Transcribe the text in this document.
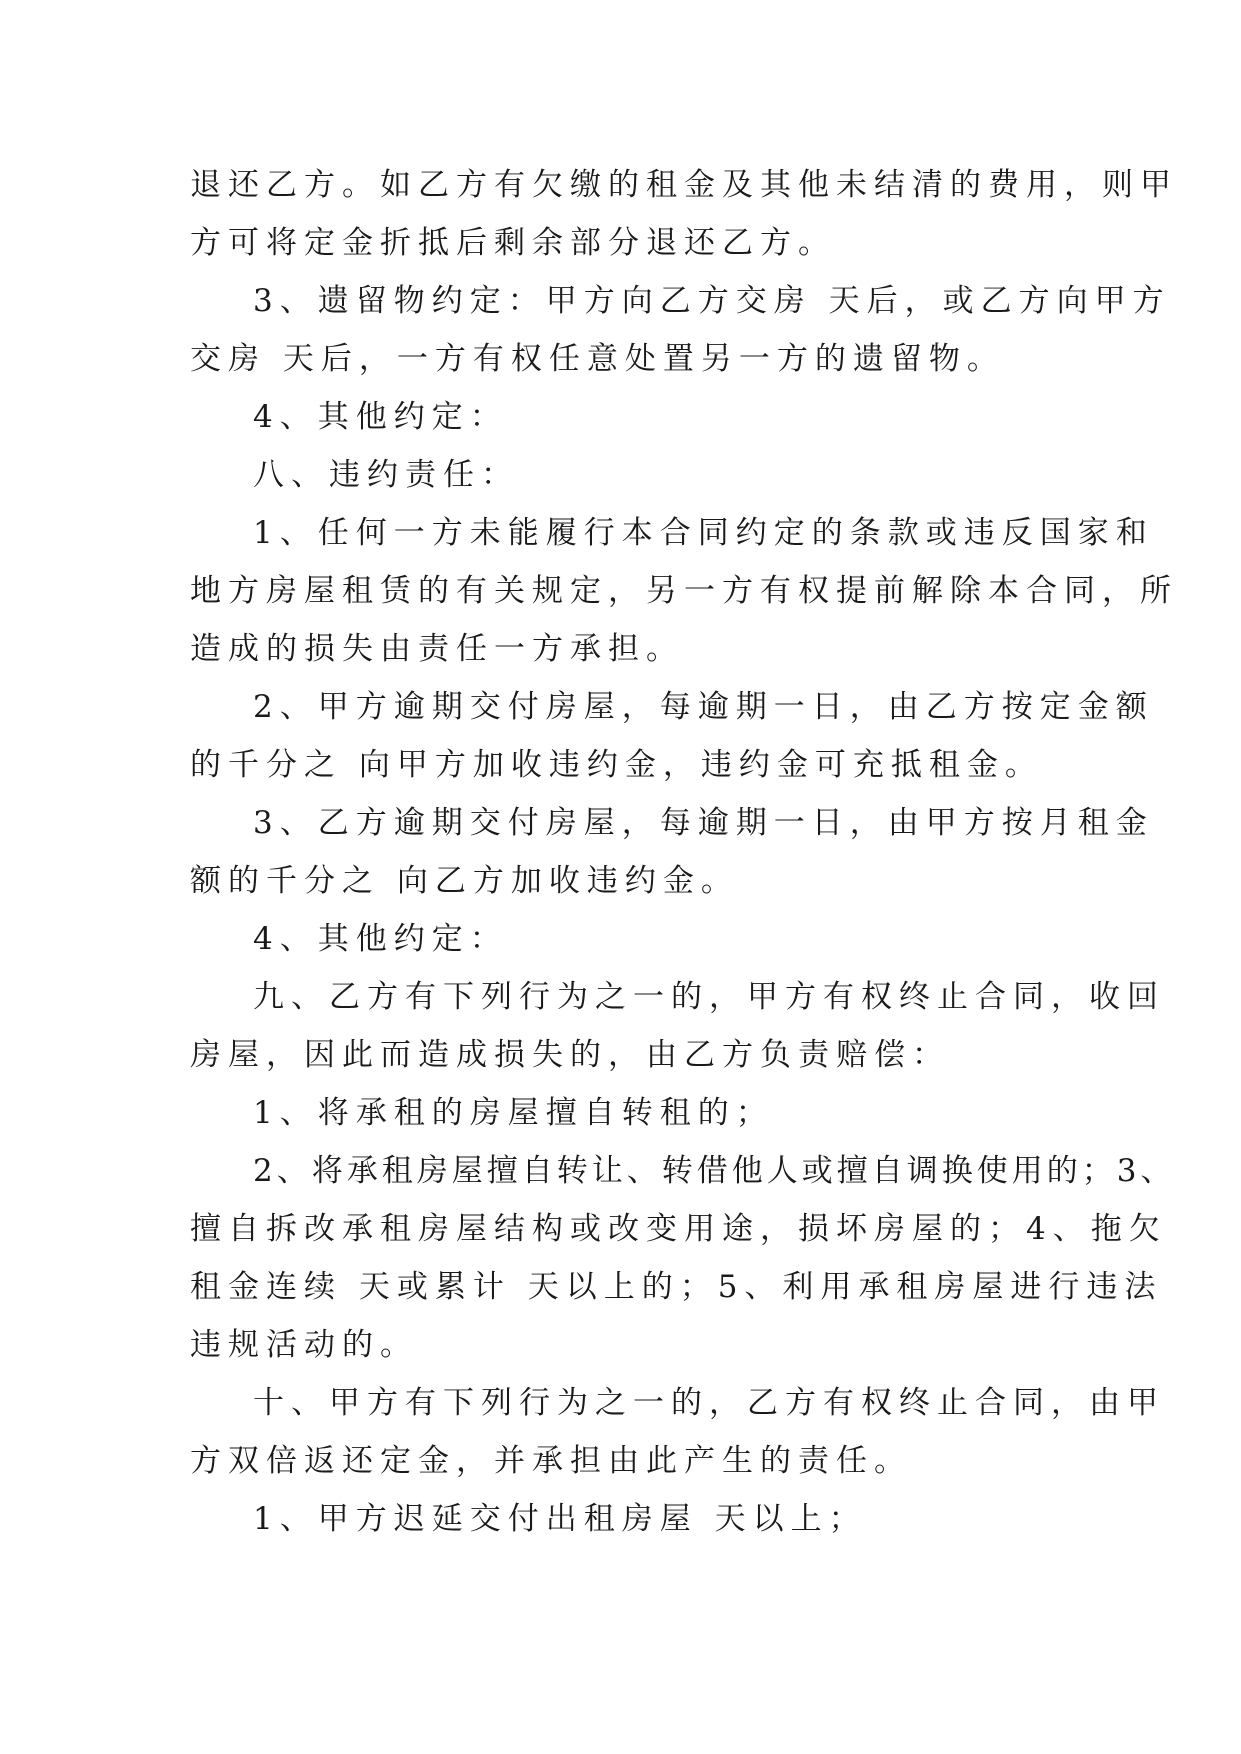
退还乙方。如乙方有欠缴的租金及其他未结清的费用，则甲

方可将定金折抵后剩余部分退还乙方。

3、遗留物约定：甲方向乙方交房 天后，或乙方向甲方

交房 天后，一方有权任意处置另一方的遗留物。

4、其他约定：

八、违约责任：

1、任何一方未能履行本合同约定的条款或违反国家和

地方房屋租赁的有关规定，另一方有权提前解除本合同，所

造成的损失由责任一方承担。

2、甲方逾期交付房屋，每逾期一日，由乙方按定金额

的千分之 向甲方加收违约金，违约金可充抵租金。

3、乙方逾期交付房屋，每逾期一日，由甲方按月租金

额的千分之 向乙方加收违约金。

4、其他约定：

九、乙方有下列行为之一的，甲方有权终止合同，收回

房屋，因此而造成损失的，由乙方负责赔偿：

1、将承租的房屋擅自转租的；

2、将承租房屋擅自转让、转借他人或擅自调换使用的；3、

擅自拆改承租房屋结构或改变用途，损坏房屋的；4、拖欠

租金连续 天或累计 天以上的；5、利用承租房屋进行违法

违规活动的。

十、甲方有下列行为之一的，乙方有权终止合同，由甲

方双倍返还定金，并承担由此产生的责任。

1、甲方迟延交付出租房屋 天以上；
